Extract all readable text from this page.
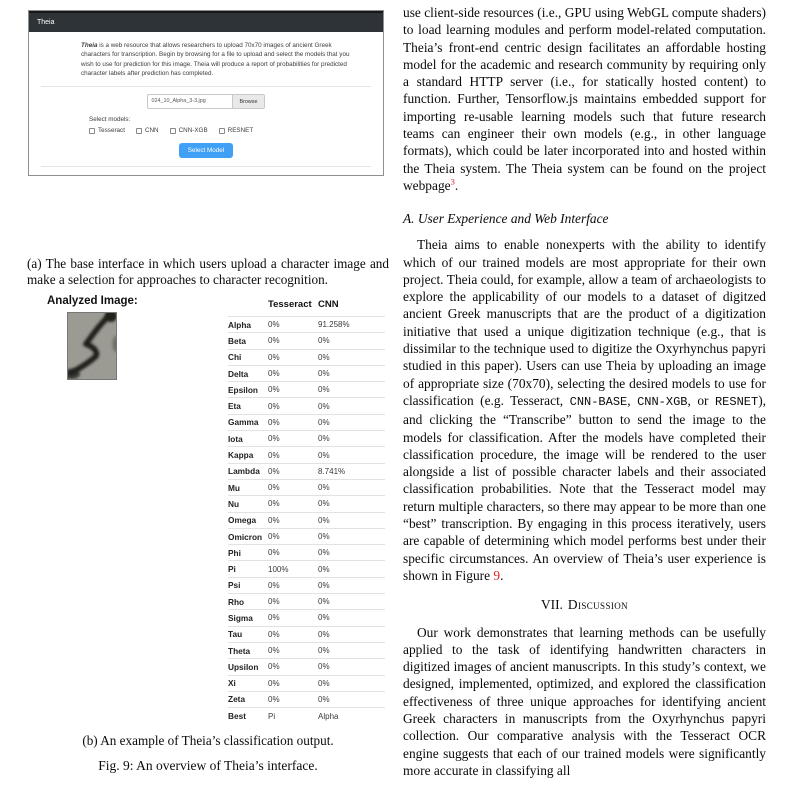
Theia

Theia is a web resource that allows researchers to upload 70x70 images of ancient Greek characters for transcription. Begin by browsing for a file to upload and select the models that you wish to use for prediction for this image. Theia will produce a report of probabilities for predicted character labels after prediction has completed.

024_10_Alpha_3-3.jpg	Browse
Select models:
Tesseract	CNN	CNN-XGB	RESNET
Select Model

(a) The base interface in which users upload a character image and make a selection for approaches to character recognition.

Analyzed Image:
		Tesseract	CNN
Alpha	0%	91.258%
Beta	0%	0%
Chi	0%	0%
Delta	0%	0%
Epsilon	0%	0%
Eta	0%	0%
Gamma	0%	0%
Iota	0%	0%
Kappa	0%	0%
Lambda	0%	8.741%
Mu	0%	0%
Nu	0%	0%
Omega	0%	0%
Omicron	0%	0%
Phi	0%	0%
Pi	100%	0%
Psi	0%	0%
Rho	0%	0%
Sigma	0%	0%
Tau	0%	0%
Theta	0%	0%
Upsilon	0%	0%
Xi	0%	0%
Zeta	0%	0%
Best	Pi	Alpha

(b) An example of Theia’s classification output.

Fig. 9: An overview of Theia’s interface.

use client-side resources (i.e., GPU using WebGL compute shaders) to load learning modules and perform model-related computation. Theia’s front-end centric design facilitates an affordable hosting model for the academic and research community by requiring only a standard HTTP server (i.e., for statically hosted content) to function. Further, Tensorflow.js maintains embedded support for importing re-usable learning models such that future research teams can engineer their own models (e.g., in other language formats), which could be later incorporated into and hosted within the Theia system. The Theia system can be found on the project webpage$^3$.

A. User Experience and Web Interface

Theia aims to enable nonexperts with the ability to identify which of our trained models are most appropriate for their own project. Theia could, for example, allow a team of archaeologists to explore the applicability of our models to a dataset of digitzed ancient Greek manuscripts that are the product of a digitization initiative that used a unique digitization technique (e.g., that is dissimilar to the technique used to digitize the Oxyrhynchus papyri studied in this paper). Users can use Theia by uploading an image of appropriate size (70x70), selecting the desired models to use for classification (e.g. Tesseract, CNN-BASE, CNN-XGB, or RESNET), and clicking the “Transcribe” button to send the image to the models for classification. After the models have completed their classification procedure, the image will be rendered to the user alongside a list of possible character labels and their associated classification probabilities. Note that the Tesseract model may return multiple characters, so there may appear to be more than one “best” transcription. By engaging in this process iteratively, users are capable of determining which model performs best under their specific circumstances. An overview of Theia’s user experience is shown in Figure 9.

VII. Discussion

Our work demonstrates that learning methods can be usefully applied to the task of identifying handwritten characters in digitized images of ancient manuscripts. In this study’s context, we designed, implemented, optimized, and explored the classification effectiveness of three unique approaches for identifying ancient Greek characters in manuscripts from the Oxyrhynchus papyri collection. Our comparative analysis with the Tesseract OCR engine suggests that each of our trained models were significantly more accurate in classifying all
